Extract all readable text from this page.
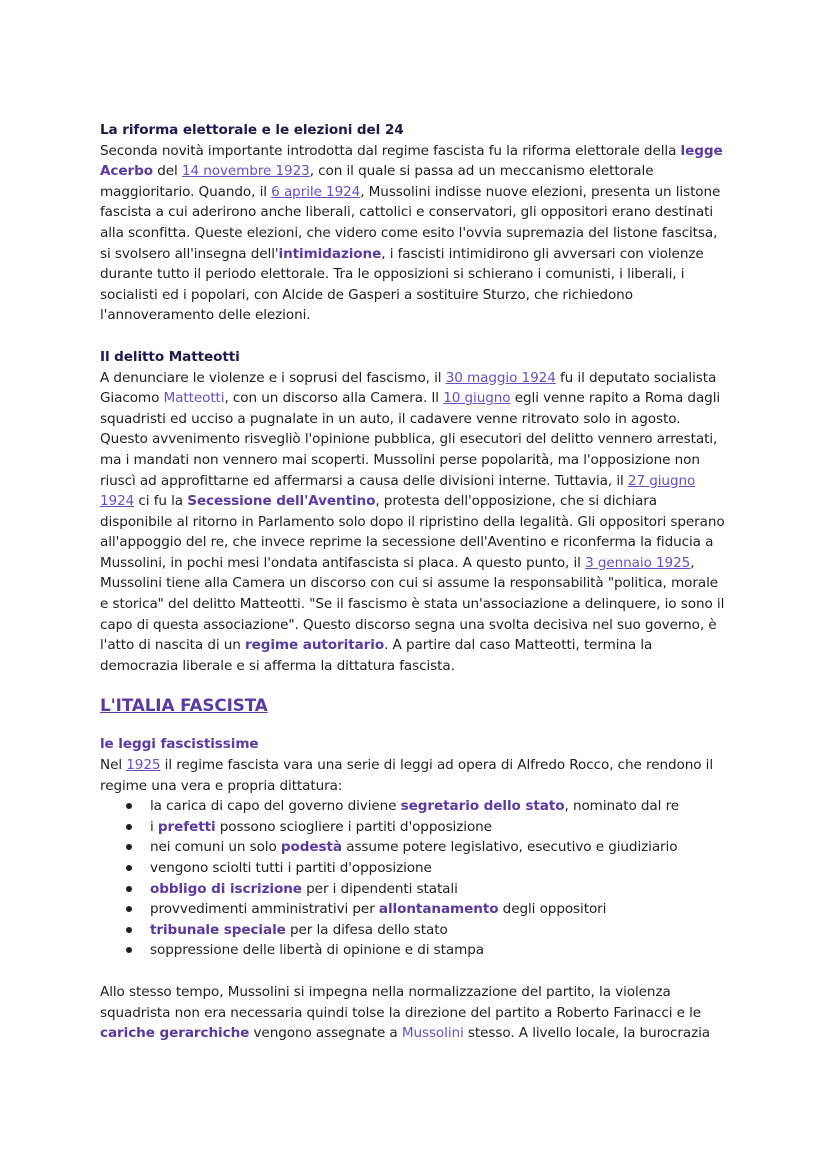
La riforma elettorale e le elezioni del 24

Seconda novità importante introdotta dal regime fascista fu la riforma elettorale della legge Acerbo del 14 novembre 1923, con il quale si passa ad un meccanismo elettorale maggioritario. Quando, il 6 aprile 1924, Mussolini indisse nuove elezioni, presenta un listone fascista a cui aderirono anche liberali, cattolici e conservatori, gli oppositori erano destinati alla sconfitta. Queste elezioni, che videro come esito l'ovvia supremazia del listone fascitsa, si svolsero all'insegna dell'intimidazione, i fascisti intimidirono gli avversari con violenze durante tutto il periodo elettorale. Tra le opposizioni si schierano i comunisti, i liberali, i socialisti ed i popolari, con Alcide de Gasperi a sostituire Sturzo, che richiedono l'annoveramento delle elezioni.

Il delitto Matteotti

A denunciare le violenze e i soprusi del fascismo, il 30 maggio 1924 fu il deputato socialista Giacomo Matteotti, con un discorso alla Camera. Il 10 giugno egli venne rapito a Roma dagli squadristi ed ucciso a pugnalate in un auto, il cadavere venne ritrovato solo in agosto. Questo avvenimento risvegliò l'opinione pubblica, gli esecutori del delitto vennero arrestati, ma i mandati non vennero mai scoperti. Mussolini perse popolarità, ma l'opposizione non riuscì ad approfittarne ed affermarsi a causa delle divisioni interne. Tuttavia, il 27 giugno 1924 ci fu la Secessione dell'Aventino, protesta dell'opposizione, che si dichiara disponibile al ritorno in Parlamento solo dopo il ripristino della legalità. Gli oppositori sperano all'appoggio del re, che invece reprime la secessione dell'Aventino e riconferma la fiducia a Mussolini, in pochi mesi l'ondata antifascista si placa. A questo punto, il 3 gennaio 1925, Mussolini tiene alla Camera un discorso con cui si assume la responsabilità "politica, morale e storica" del delitto Matteotti. "Se il fascismo è stata un'associazione a delinquere, io sono il capo di questa associazione". Questo discorso segna una svolta decisiva nel suo governo, è l'atto di nascita di un regime autoritario. A partire dal caso Matteotti, termina la democrazia liberale e si afferma la dittatura fascista.

L'ITALIA FASCISTA
le leggi fascistissime

Nel 1925 il regime fascista vara una serie di leggi ad opera di Alfredo Rocco, che rendono il regime una vera e propria dittatura:

la carica di capo del governo diviene segretario dello stato, nominato dal re
i prefetti possono sciogliere i partiti d'opposizione
nei comuni un solo podestà assume potere legislativo, esecutivo e giudiziario
vengono sciolti tutti i partiti d'opposizione
obbligo di iscrizione per i dipendenti statali
provvedimenti amministrativi per allontanamento degli oppositori
tribunale speciale per la difesa dello stato
soppressione delle libertà di opinione e di stampa

Allo stesso tempo, Mussolini si impegna nella normalizzazione del partito, la violenza squadrista non era necessaria quindi tolse la direzione del partito a Roberto Farinacci e le cariche gerarchiche vengono assegnate a Mussolini stesso. A livello locale, la burocrazia
